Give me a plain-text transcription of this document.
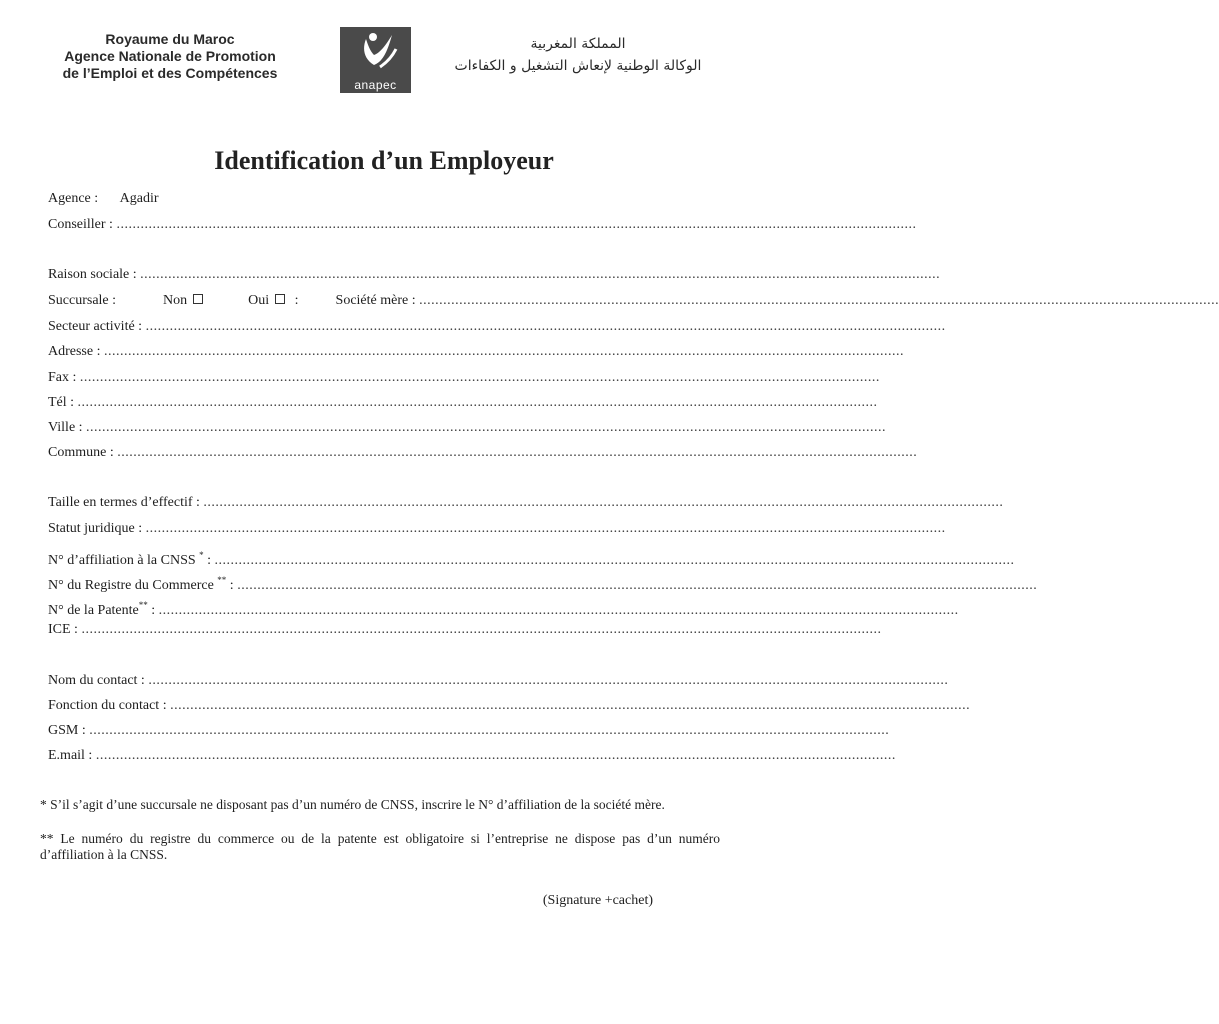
Royaume du Maroc
Agence Nationale de Promotion
de l’Emploi et des Compétences
anapec
المملكة المغربية
الوكالة الوطنية لإنعاش التشغيل و الكفاءات
Identification d’un Employeur
Agence : Agadir
Conseiller : ........................................................................................................................................................................................................
Raison sociale : ........................................................................................................................................................................................................
Succursale :	Non	Oui :	Société mère : ........................................................................................................................................................................................................
Secteur activité : ........................................................................................................................................................................................................
Adresse : ........................................................................................................................................................................................................
Fax : ........................................................................................................................................................................................................
Tél : ........................................................................................................................................................................................................
Ville : ........................................................................................................................................................................................................
Commune : ........................................................................................................................................................................................................
Taille en termes d’effectif : ........................................................................................................................................................................................................
Statut juridique : ........................................................................................................................................................................................................
N° d’affiliation à la CNSS * : ........................................................................................................................................................................................................
N° du Registre du Commerce ** : ........................................................................................................................................................................................................
N° de la Patente** : ........................................................................................................................................................................................................
ICE : ........................................................................................................................................................................................................
Nom du contact : ........................................................................................................................................................................................................
Fonction du contact : ........................................................................................................................................................................................................
GSM : ........................................................................................................................................................................................................
E.mail : ........................................................................................................................................................................................................
* S’il s’agit d’une succursale ne disposant pas d’un numéro de CNSS, inscrire le N° d’affiliation de la société mère.
** Le numéro du registre du commerce ou de la patente est obligatoire si l’entreprise ne dispose pas d’un numéro d’affiliation à la CNSS.
(Signature +cachet)
